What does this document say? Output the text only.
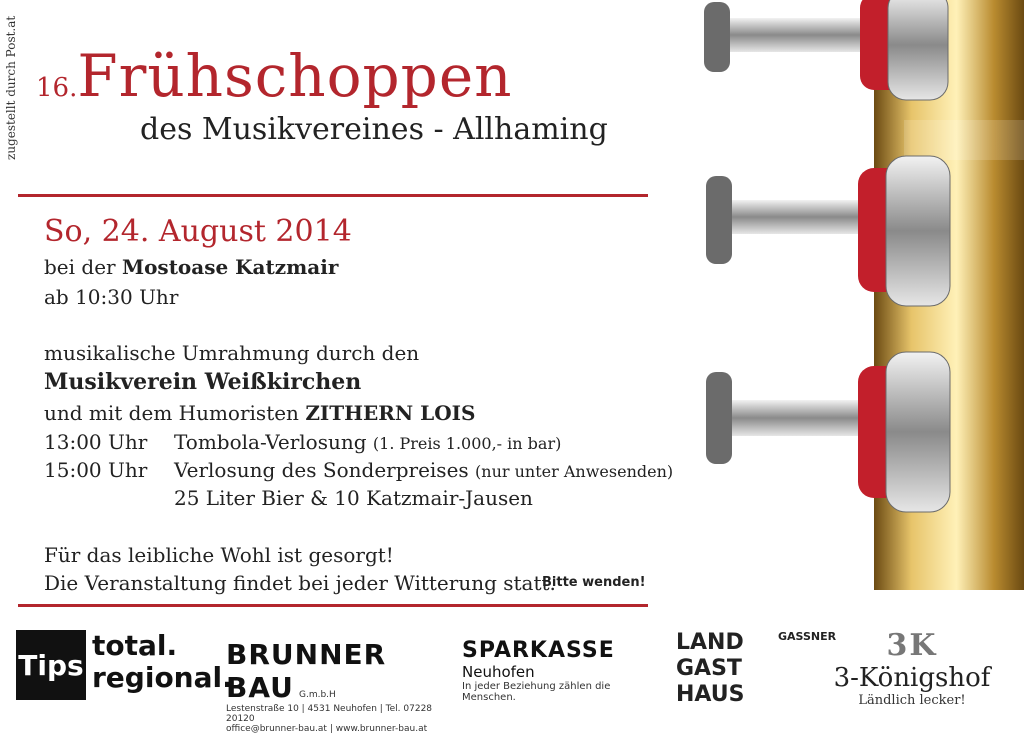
zugestellt durch Post.at 16.Frühschoppen
des Musikvereines - Allhaming
So, 24. August 2014
bei der Mostoase Katzmair
ab 10:30 Uhr
musikalische Umrahmung durch den
Musikverein Weißkirchen
und mit dem Humoristen ZITHERN LOIS
13:00 Uhr	Tombola-Verlosung (1. Preis 1.000,- in bar)
15:00 Uhr	Verlosung des Sonderpreises (nur unter Anwesenden)
25 Liter Bier & 10 Katzmair-Jausen
Für das leibliche Wohl ist gesorgt!
Die Veranstaltung findet bei jeder Witterung statt.
Bitte wenden!
Tips
total.
regional.
BRUNNER
BAU G.m.b.H
Lestenstraße 10 | 4531 Neuhofen | Tel. 07228 20120
office@brunner-bau.at | www.brunner-bau.at
SPARKASSE
Neuhofen
In jeder Beziehung zählen die Menschen.
LAND
GAST
HAUS
GASSNER	3K
3-Königshof
Ländlich lecker!
